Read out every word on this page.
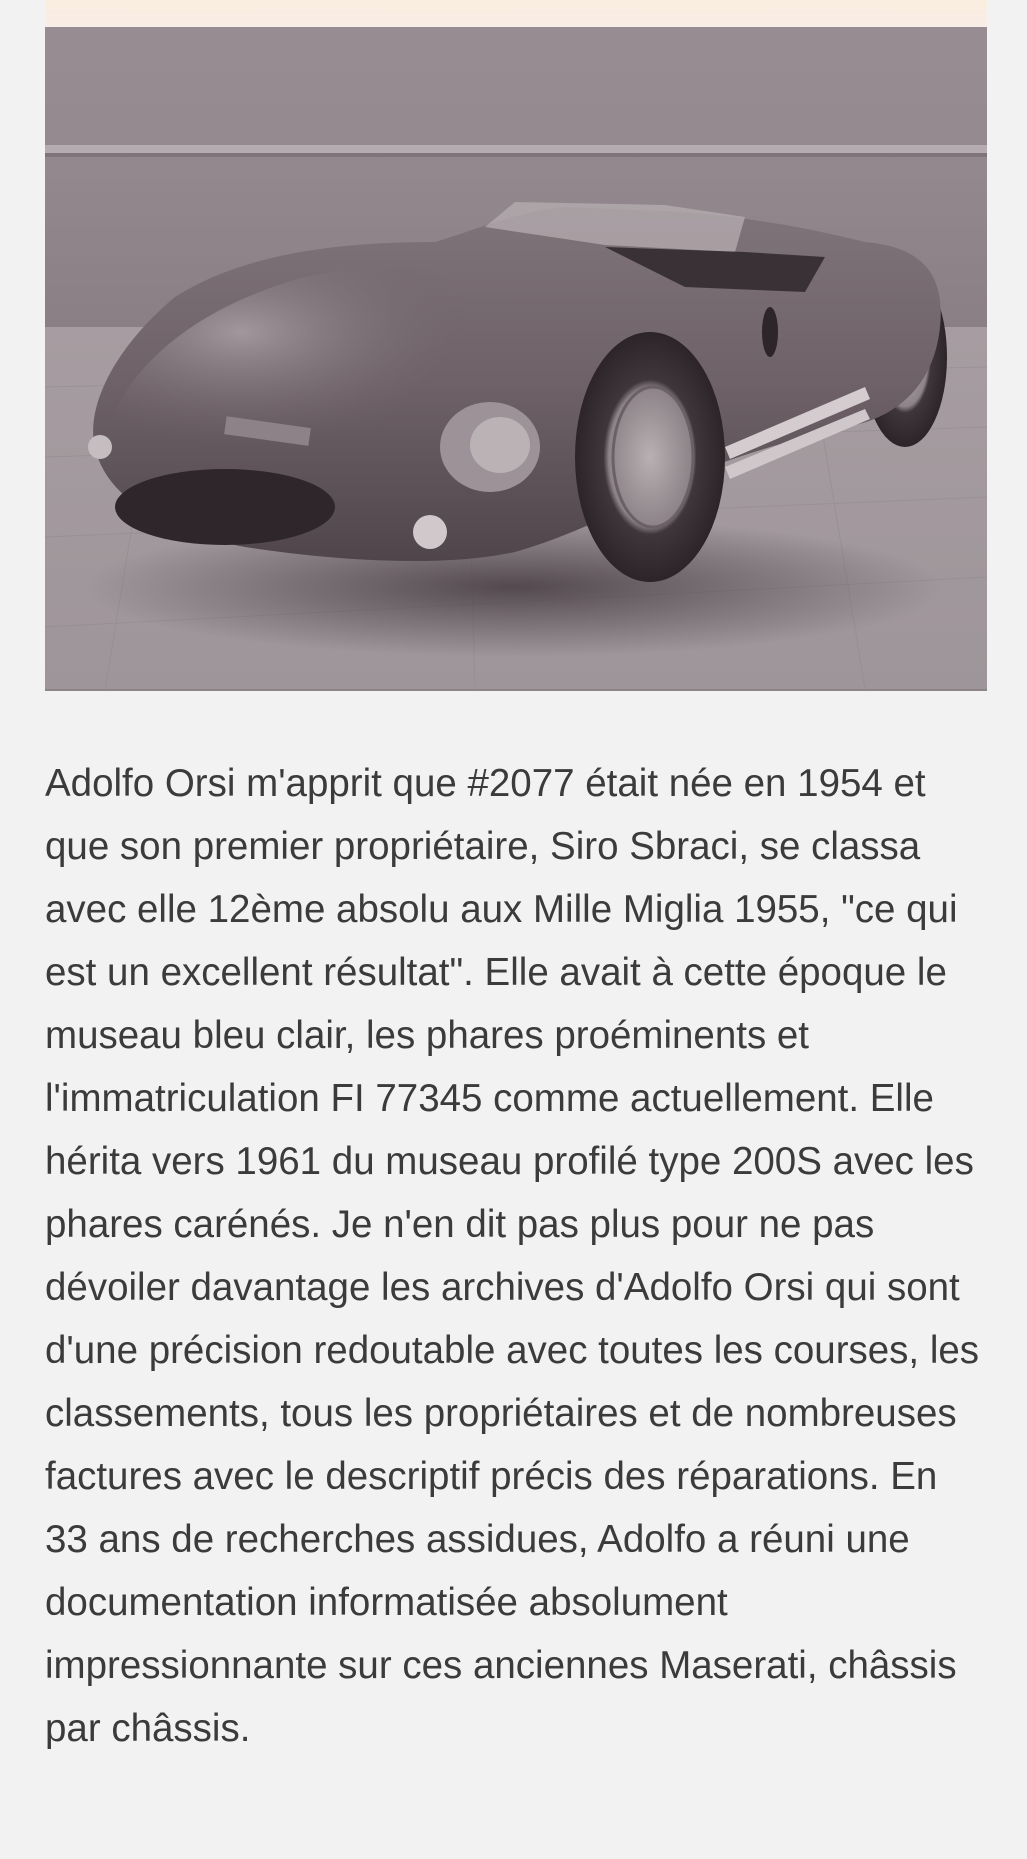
Adolfo Orsi m'apprit que #2077 était née en 1954 et que son premier propriétaire, Siro Sbraci, se classa avec elle 12ème absolu aux Mille Miglia 1955, "ce qui est un excellent résultat". Elle avait à cette époque le museau bleu clair, les phares proéminents et l'immatriculation FI 77345 comme actuellement. Elle hérita vers 1961 du museau profilé type 200S avec les phares carénés. Je n'en dit pas plus pour ne pas dévoiler davantage les archives d'Adolfo Orsi qui sont d'une précision redoutable avec toutes les courses, les classements, tous les propriétaires et de nombreuses factures avec le descriptif précis des réparations. En 33 ans de recherches assidues, Adolfo a réuni une documentation informatisée absolument impressionnante sur ces anciennes Maserati, châssis par châssis.
